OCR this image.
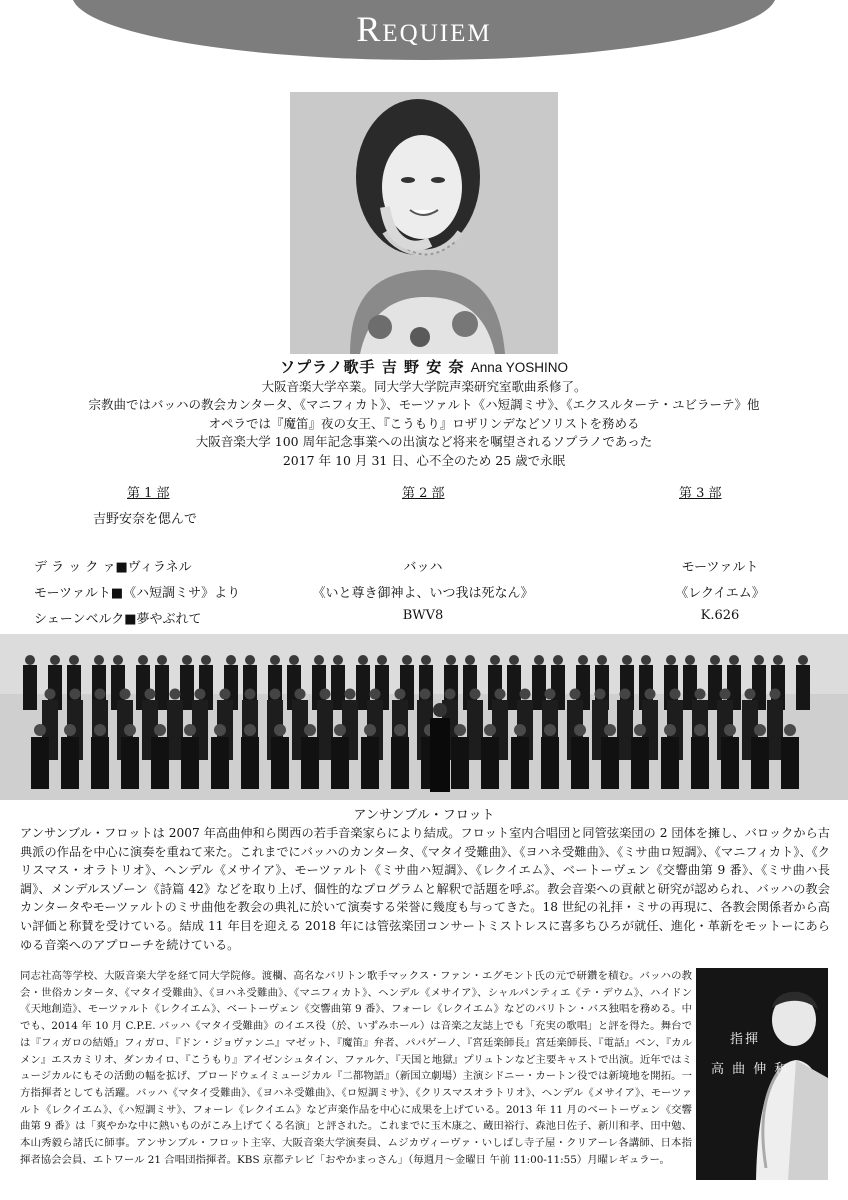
Requiem
ソプラノ歌手 吉 野 安 奈 Anna YOSHINO
大阪音楽大学卒業。同大学大学院声楽研究室歌曲系修了。
宗教曲ではバッハの教会カンタータ、《マニフィカト》、モーツァルト《ハ短調ミサ》、《エクスルターテ・ユビラーテ》他
オペラでは『魔笛』夜の女王、『こうもり』ロザリンデなどソリストを務める
大阪音楽大学 100 周年記念事業への出演など将来を嘱望されるソプラノであった
2017 年 10 月 31 日、心不全のため 25 歳で永眠
第 1 部	第 2 部	第 3 部
吉野安奈を偲んで
デ ラ ッ ク ァ■ヴィラネル
モーツァルト■《ハ短調ミサ》より
シェーンベルク■夢やぶれて
バッハ
《いと尊き御神よ、いつ我は死なん》
BWV8
モーツァルト
《レクイエム》
K.626
アンサンブル・フロット
アンサンブル・フロットは 2007 年高曲伸和ら関西の若手音楽家らにより結成。フロット室内合唱団と同管弦楽団の 2 団体を擁し、バロックから古典派の作品を中心に演奏を重ねて来た。これまでにバッハのカンタータ、《マタイ受難曲》、《ヨハネ受難曲》、《ミサ曲ロ短調》、《マニフィカト》、《クリスマス・オラトリオ》、ヘンデル《メサイア》、モーツァルト《ミサ曲ハ短調》、《レクイエム》、ベートーヴェン《交響曲第 9 番》、《ミサ曲ハ長調》、メンデルスゾーン《詩篇 42》などを取り上げ、個性的なプログラムと解釈で話題を呼ぶ。教会音楽への貢献と研究が認められ、バッハの教会カンタータやモーツァルトのミサ曲他を教会の典礼に於いて演奏する栄誉に幾度も与ってきた。18 世紀の礼拝・ミサの再現に、各教会関係者から高い評価と称賛を受けている。結成 11 年目を迎える 2018 年には管弦楽団コンサートミストレスに喜多ちひろが就任、進化・革新をモットーにあらゆる音楽へのアプローチを続けている。
同志社高等学校、大阪音楽大学を経て同大学院修。渡欄、高名なバリトン歌手マックス・ファン・エグモント氏の元で研鑽を積む。バッハの教会・世俗カンタータ、《マタイ受難曲》、《ヨハネ受難曲》、《マニフィカト》、ヘンデル《メサイア》、シャルパンティエ《テ・デウム》、ハイドン《天地創造》、モーツァルト《レクイエム》、ベートーヴェン《交響曲第 9 番》、フォーレ《レクイエム》などのバリトン・バス独唱を務める。中でも、2014 年 10 月 C.P.E. バッハ《マタイ受難曲》のイエス役（於、いずみホール）は音楽之友誌上でも「充実の歌唱」と評を得た。舞台では『フィガロの結婚』フィガロ、『ドン・ジョヴァンニ』マゼット、『魔笛』弁者、パパゲーノ、『宮廷楽師長』宮廷楽師長、『電話』ベン、『カルメン』エスカミリオ、ダンカイロ、『こうもり』アイゼンシュタイン、ファルケ、『天国と地獄』プリュトンなど主要キャストで出演。近年ではミュージカルにもその活動の幅を拡げ、ブロードウェイミュージカル『二都物語』（新国立劇場）主演シドニー・カートン役では新境地を開拓。一方指揮者としても活躍。バッハ《マタイ受難曲》、《ヨハネ受難曲》、《ロ短調ミサ》、《クリスマスオラトリオ》、ヘンデル《メサイア》、モーツァルト《レクイエム》、《ハ短調ミサ》、フォーレ《レクイエム》など声楽作品を中心に成果を上げている。2013 年 11 月のベートーヴェン《交響曲第 9 番》は「爽やかな中に熱いものがこみ上げてくる名演」と評された。これまでに玉木康之、蔵田裕行、森池日佐子、新川和孝、田中勉、本山秀毅ら諸氏に師事。アンサンブル・フロット主宰、大阪音楽大学演奏員、ムジカヴィーヴァ・いしばし寺子屋・クリアーレ各講師、日本指揮者協会会員、エトワール 21 合唱団指揮者。KBS 京都テレビ「おやかまっさん」（毎週月～金曜日 午前 11:00-11:55）月曜レギュラー。
指揮
高 曲 伸 和
